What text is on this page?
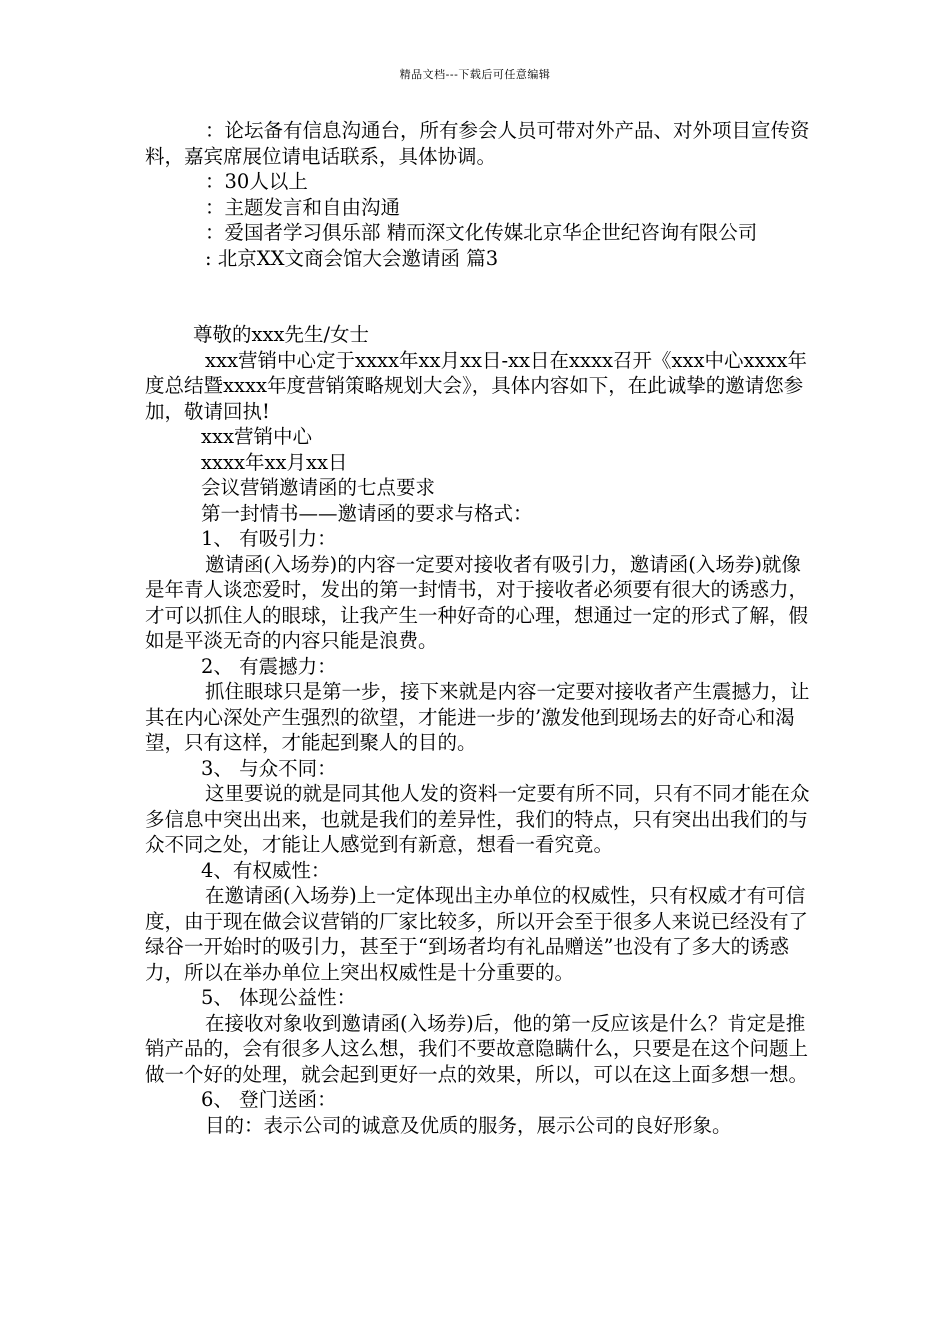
精品文档---下载后可任意编辑

：论坛备有信息沟通台，所有参会人员可带对外产品、对外项目宣传资料，嘉宾席展位请电话联系，具体协调。

：30人以上

：主题发言和自由沟通

：爱国者学习俱乐部 精而深文化传媒北京华企世纪咨询有限公司

: 北京XX文商会馆大会邀请函 篇3

尊敬的xxx先生/女士

xxx营销中心定于xxxx年xx月xx日-xx日在xxxx召开《xxx中心xxxx年度总结暨xxxx年度营销策略规划大会》，具体内容如下，在此诚挚的邀请您参加，敬请回执!

xxx营销中心

xxxx年xx月xx日

会议营销邀请函的七点要求

第一封情书——邀请函的要求与格式：

1、 有吸引力：

邀请函(入场券)的内容一定要对接收者有吸引力，邀请函(入场券)就像是年青人谈恋爱时，发出的第一封情书，对于接收者必须要有很大的诱惑力，才可以抓住人的眼球，让我产生一种好奇的心理，想通过一定的形式了解，假如是平淡无奇的内容只能是浪费。

2、 有震撼力：

抓住眼球只是第一步，接下来就是内容一定要对接收者产生震撼力，让其在内心深处产生强烈的欲望，才能进一步的’激发他到现场去的好奇心和渴望，只有这样，才能起到聚人的目的。

3、 与众不同：

这里要说的就是同其他人发的资料一定要有所不同，只有不同才能在众多信息中突出出来，也就是我们的差异性，我们的特点，只有突出出我们的与众不同之处，才能让人感觉到有新意，想看一看究竟。

4、有权威性：

在邀请函(入场券)上一定体现出主办单位的权威性，只有权威才有可信度，由于现在做会议营销的厂家比较多，所以开会至于很多人来说已经没有了绿谷一开始时的吸引力，甚至于“到场者均有礼品赠送”也没有了多大的诱惑力，所以在举办单位上突出权威性是十分重要的。

5、 体现公益性：

在接收对象收到邀请函(入场券)后，他的第一反应该是什么？肯定是推销产品的，会有很多人这么想，我们不要故意隐瞒什么，只要是在这个问题上做一个好的处理，就会起到更好一点的效果，所以，可以在这上面多想一想。

6、 登门送函：

目的：表示公司的诚意及优质的服务，展示公司的良好形象。
